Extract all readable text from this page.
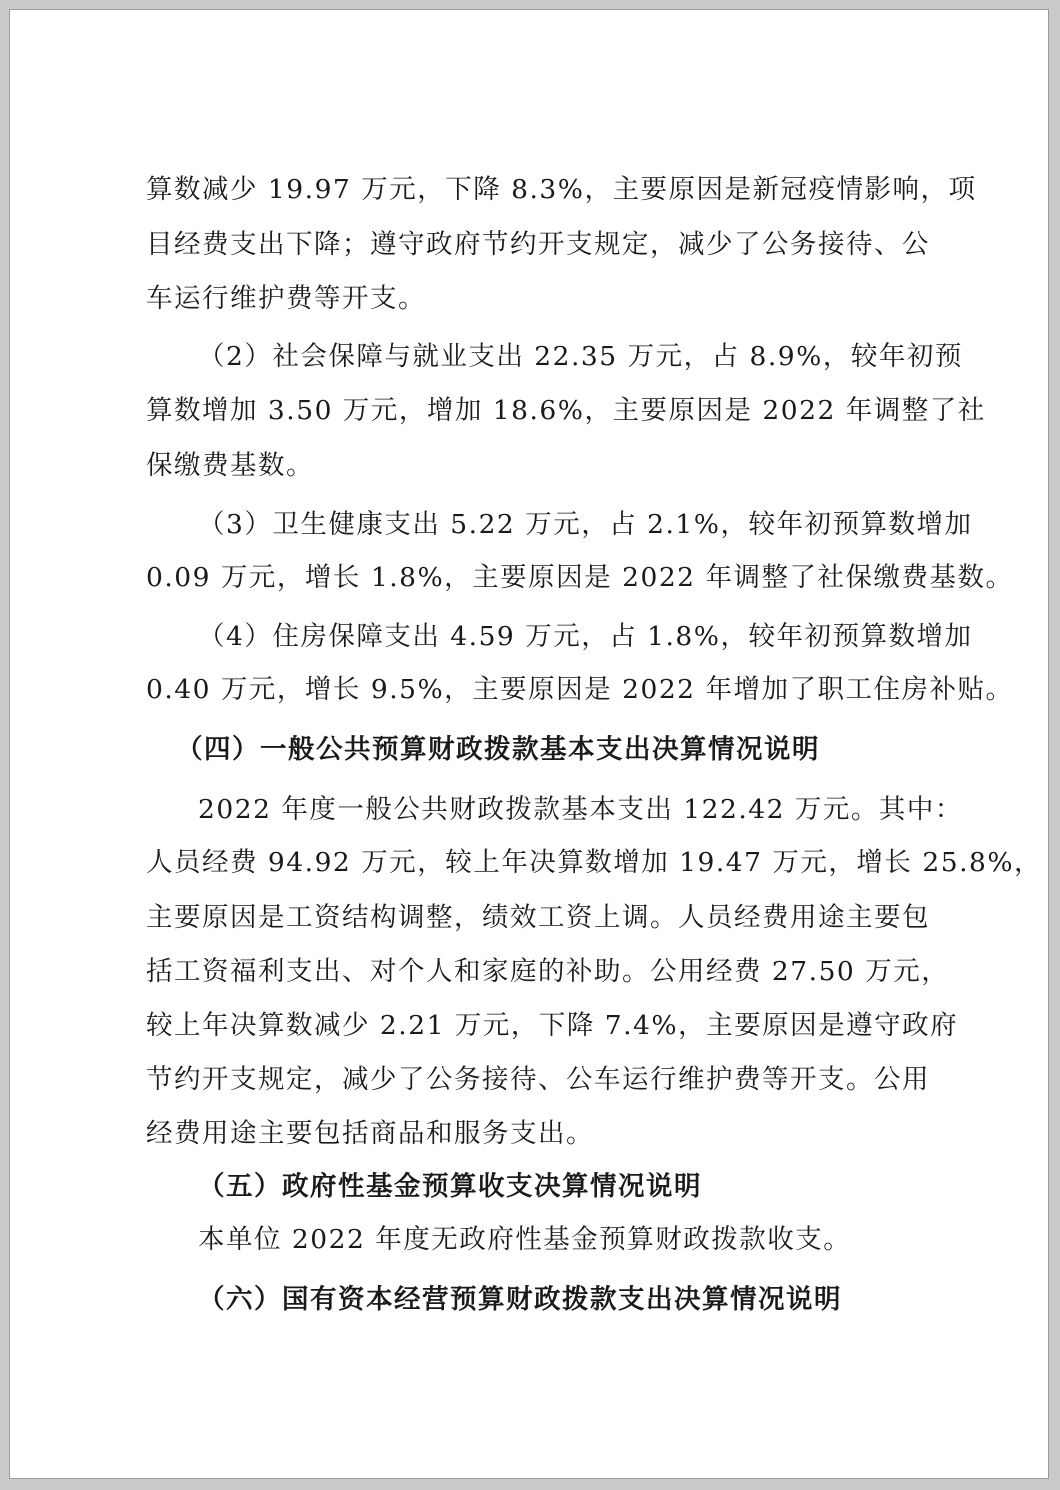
算数减少 19.97 万元，下降 8.3%，主要原因是新冠疫情影响，项
目经费支出下降；遵守政府节约开支规定，减少了公务接待、公
车运行维护费等开支。
（2）社会保障与就业支出 22.35 万元，占 8.9%，较年初预
算数增加 3.50 万元，增加 18.6%，主要原因是 2022 年调整了社
保缴费基数。
（3）卫生健康支出 5.22 万元，占 2.1%，较年初预算数增加
0.09 万元，增长 1.8%，主要原因是 2022 年调整了社保缴费基数。
（4）住房保障支出 4.59 万元，占 1.8%，较年初预算数增加
0.40 万元，增长 9.5%，主要原因是 2022 年增加了职工住房补贴。
（四）一般公共预算财政拨款基本支出决算情况说明
2022 年度一般公共财政拨款基本支出 122.42 万元。其中：
人员经费 94.92 万元，较上年决算数增加 19.47 万元，增长 25.8%，
主要原因是工资结构调整，绩效工资上调。人员经费用途主要包
括工资福利支出、对个人和家庭的补助。公用经费 27.50 万元，
较上年决算数减少 2.21 万元，下降 7.4%，主要原因是遵守政府
节约开支规定，减少了公务接待、公车运行维护费等开支。公用
经费用途主要包括商品和服务支出。
（五）政府性基金预算收支决算情况说明
本单位 2022 年度无政府性基金预算财政拨款收支。
（六）国有资本经营预算财政拨款支出决算情况说明
